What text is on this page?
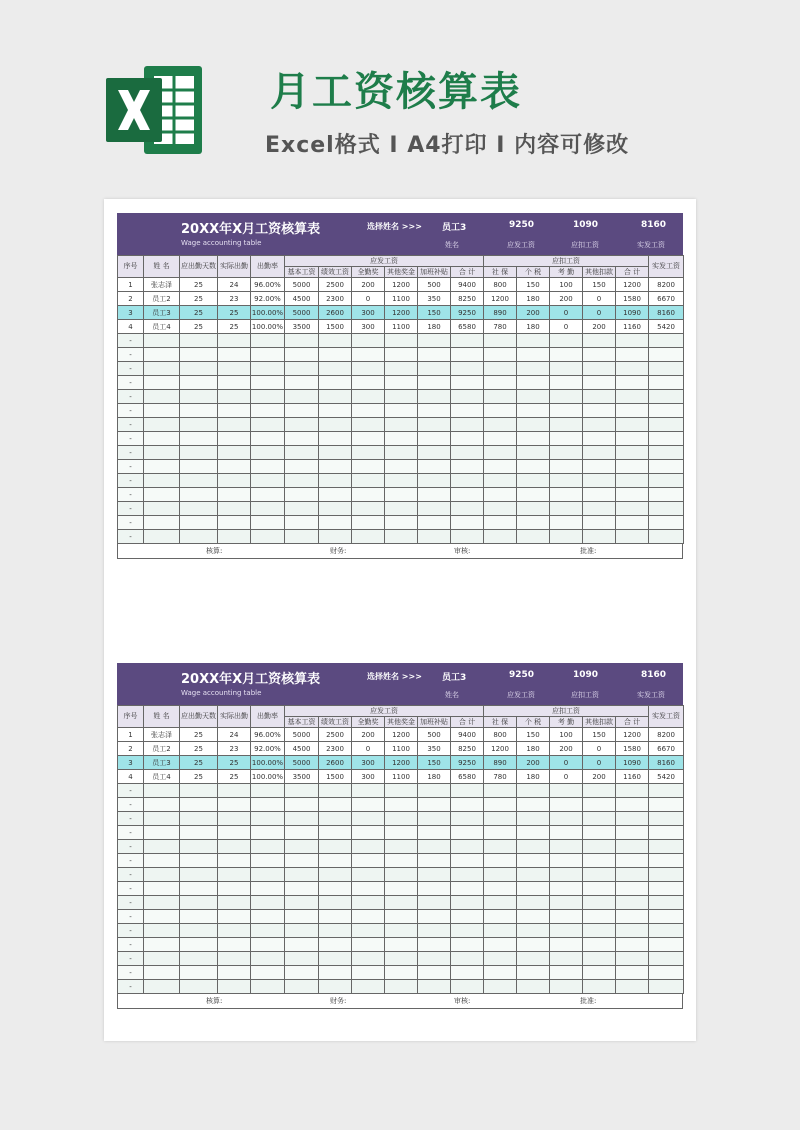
月工资核算表
Excel格式 I A4打印 I 内容可修改
20XX年X月工资核算表
Wage accounting table
选择姓名 >>> 员工3	9250	1090	8160
姓名	应发工资	应扣工资	实发工资
序号	姓 名	应出勤天数	实际出勤	出勤率	应发工资						应扣工资					实发工资
					基本工资	绩效工资	全勤奖	其他奖金	加班补贴	合 计	社 保	个 税	考 勤	其他扣款	合 计	
1	张志泽	25	24	96.00%	5000	2500	200	1200	500	9400	800	150	100	150	1200	8200
2	员工2	25	23	92.00%	4500	2300	0	1100	350	8250	1200	180	200	0	1580	6670
3	员工3	25	25	100.00%	5000	2600	300	1200	150	9250	890	200	0	0	1090	8160
4	员工4	25	25	100.00%	3500	1500	300	1100	180	6580	780	180	0	200	1160	5420
-																
-																
-																
-																
-																
-																
-																
-																
-																
-																
-																
-																
-																
-																
-																
核算:	财务:	审核:	批准:
20XX年X月工资核算表
Wage accounting table
选择姓名 >>> 员工3	9250	1090	8160
姓名	应发工资	应扣工资	实发工资
序号	姓 名	应出勤天数	实际出勤	出勤率	应发工资						应扣工资					实发工资
					基本工资	绩效工资	全勤奖	其他奖金	加班补贴	合 计	社 保	个 税	考 勤	其他扣款	合 计	
1	张志泽	25	24	96.00%	5000	2500	200	1200	500	9400	800	150	100	150	1200	8200
2	员工2	25	23	92.00%	4500	2300	0	1100	350	8250	1200	180	200	0	1580	6670
3	员工3	25	25	100.00%	5000	2600	300	1200	150	9250	890	200	0	0	1090	8160
4	员工4	25	25	100.00%	3500	1500	300	1100	180	6580	780	180	0	200	1160	5420
-																
-																
-																
-																
-																
-																
-																
-																
-																
-																
-																
-																
-																
-																
-																
核算:	财务:	审核:	批准:
